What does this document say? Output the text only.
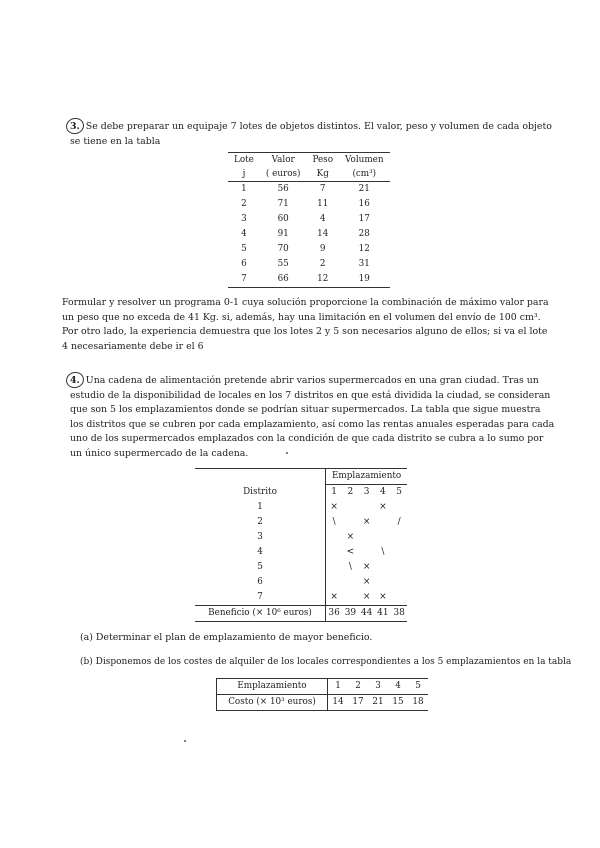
3. Se debe preparar un equipaje 7 lotes de objetos distintos. El valor, peso y volumen de cada objeto se tiene en la tabla
Lote	Valor	Peso	Volumen
j	( euros)	Kg	(cm³)
1	56	7	21
2	71	11	16
3	60	4	17
4	91	14	28
5	70	9	12
6	55	2	31
7	66	12	19
Formular y resolver un programa 0-1 cuya solución proporcione la combinación de máximo valor para un peso que no exceda de 41 Kg. si, además, hay una limitación en el volumen del envío de 100 cm³. Por otro lado, la experiencia demuestra que los lotes 2 y 5 son necesarios alguno de ellos; si va el lote 4 necesariamente debe ir el 6
4. Una cadena de alimentación pretende abrir varios supermercados en una gran ciudad. Tras un estudio de la disponibilidad de locales en los 7 distritos en que está dividida la ciudad, se consideran que son 5 los emplazamientos donde se podrían situar supermercados. La tabla que sigue muestra los distritos que se cubren por cada emplazamiento, así como las rentas anuales esperadas para cada uno de los supermercados emplazados con la condición de que cada distrito se cubra a lo sumo por un único supermercado de la cadena.
	Emplazamiento				
Distrito	1	2	3	4	5
1	×			×	
2	\		×		/
3		×			
4		<		\	
5		\	×		
6			×		
7	×		×	×	
Beneficio (× 10⁶ euros)	36	39	44	41	38
(a) Determinar el plan de emplazamiento de mayor beneficio.
(b) Disponemos de los costes de alquiler de los locales correspondientes a los 5 emplazamientos en la tabla
Emplazamiento	1	2	3	4	5
Costo (× 10³ euros)	14	17	21	15	18
